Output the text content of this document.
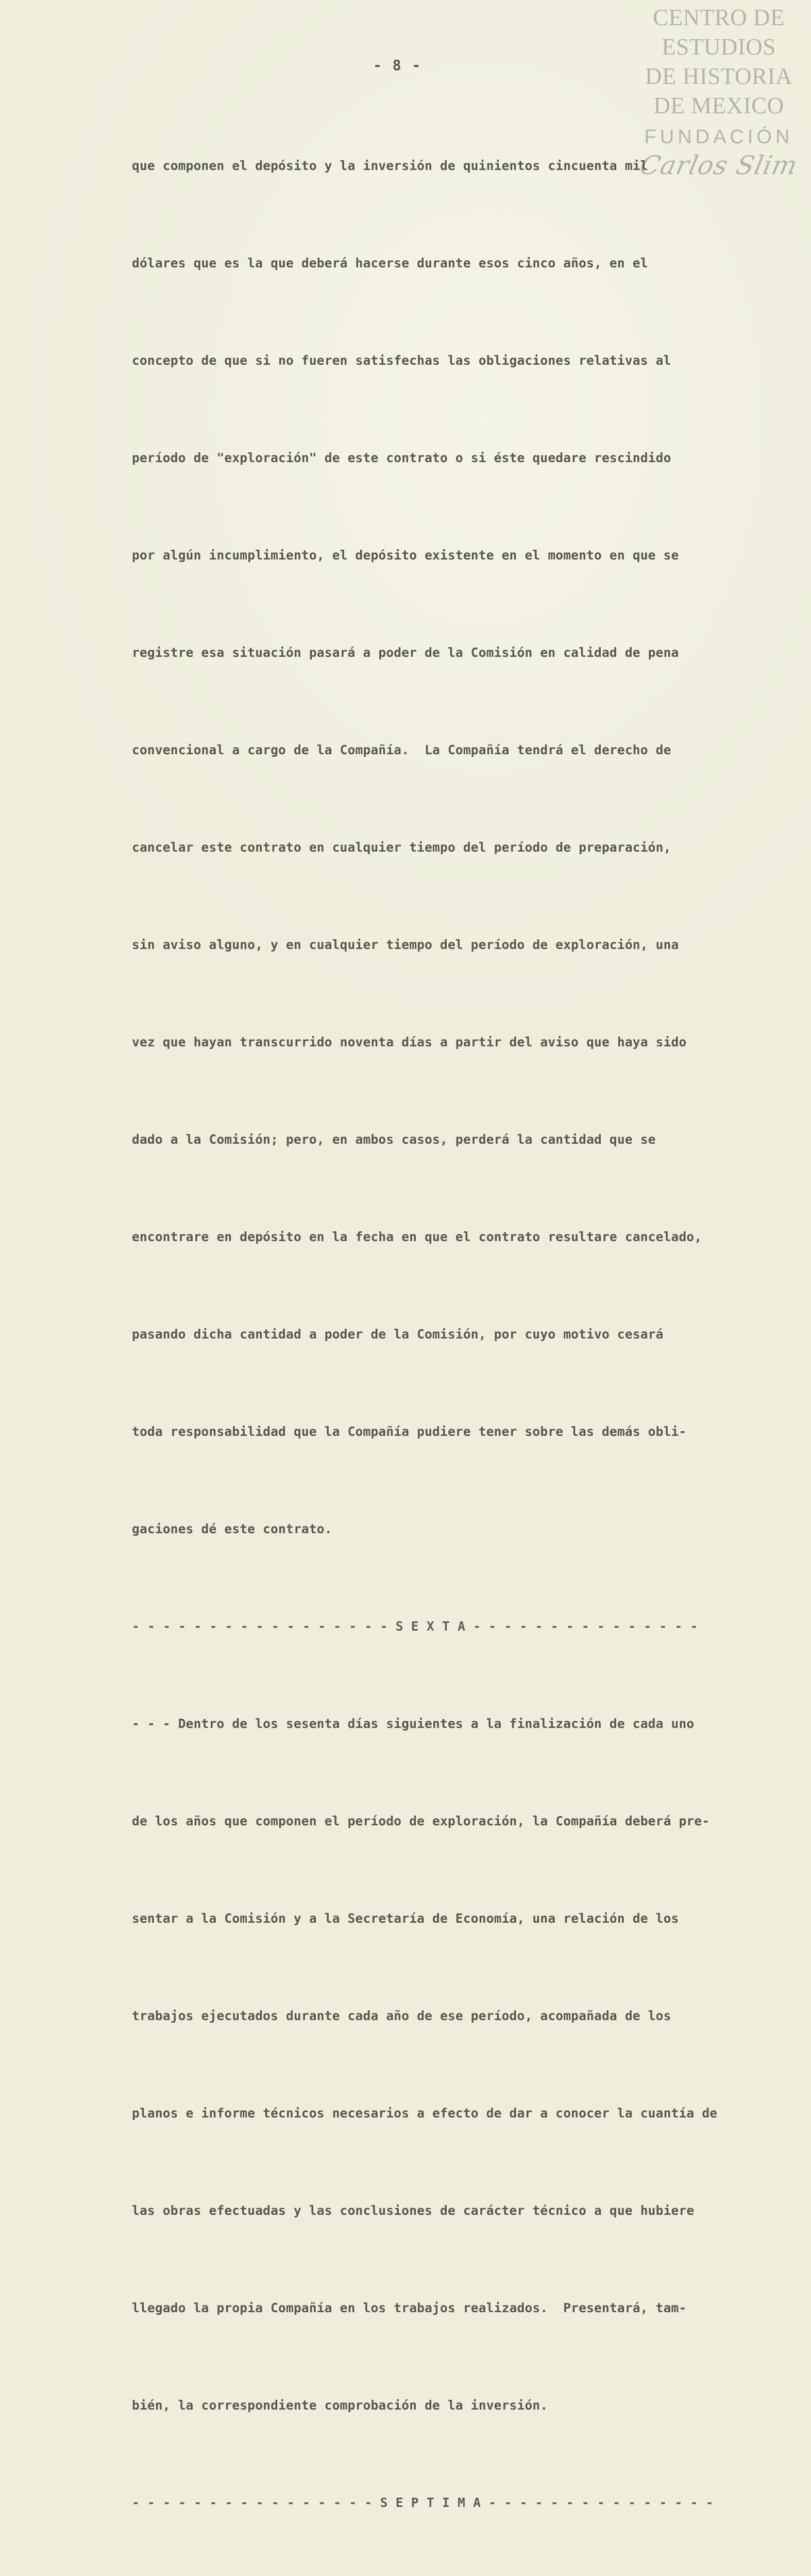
CENTRO DE
ESTUDIOS
DE HISTORIA
DE MEXICO
FUNDACIÓN
Carlos Slim
- 8 -

que componen el depósito y la inversión de quinientos cincuenta mil

dólares que es la que deberá hacerse durante esos cinco años, en el

concepto de que si no fueren satisfechas las obligaciones relativas al

período de "exploración" de este contrato o si éste quedare rescindido

por algún incumplimiento, el depósito existente en el momento en que se

registre esa situación pasará a poder de la Comisión en calidad de pena

convencional a cargo de la Compañía.  La Compañía tendrá el derecho de

cancelar este contrato en cualquier tiempo del período de preparación,

sin aviso alguno, y en cualquier tiempo del período de exploración, una

vez que hayan transcurrido noventa días a partir del aviso que haya sido

dado a la Comisión; pero, en ambos casos, perderá la cantidad que se

encontrare en depósito en la fecha en que el contrato resultare cancelado,

pasando dicha cantidad a poder de la Comisión, por cuyo motivo cesará

toda responsabilidad que la Compañía pudiere tener sobre las demás obli-

gaciones dé este contrato.

- - - - - - - - - - - - - - - - - S E X T A - - - - - - - - - - - - - - -

- - - Dentro de los sesenta días siguientes a la finalización de cada uno

de los años que componen el período de exploración, la Compañía deberá pre-

sentar a la Comisión y a la Secretaría de Economía, una relación de los

trabajos ejecutados durante cada año de ese período, acompañada de los

planos e informe técnicos necesarios a efecto de dar a conocer la cuantía de

las obras efectuadas y las conclusiones de carácter técnico a que hubiere

llegado la propia Compañía en los trabajos realizados.  Presentará, tam-

bién, la correspondiente comprobación de la inversión.

- - - - - - - - - - - - - - - - S E P T I M A - - - - - - - - - - - - - - -
